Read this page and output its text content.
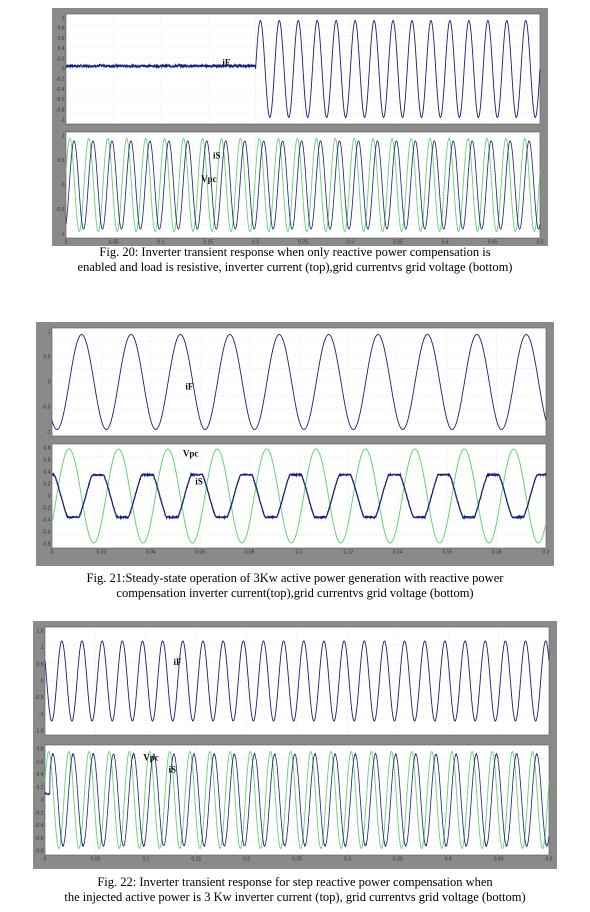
1
0.8
0.6
0.4
0.2
0
-0.2
-0.4
-0.6
-0.8
-1
iF
1
0.5
0
-0.5
-1
iS
Vpc
0	0.05	0.1	0.15	0.2	0.25	0.3	0.35	0.4	0.45	0.5
Fig. 20: Inverter transient response when only reactive power compensation is
enabled and load is resistive, inverter current (top),grid currentvs grid voltage (bottom)
1
0.5
0
-0.5
-1
iF
0.8
0.6
0.4
0.2
0
-0.2
-0.4
-0.6
-0.8
Vpc
iS
0	0.02	0.04	0.06	0.08	0.1	0.12	0.14	0.16	0.18	0.2
Fig. 21:Steady-state operation of 3Kw active power generation with reactive power
compensation inverter current(top),grid currentvs grid voltage (bottom)
1.5
1
0.5
0
-0.5
-1
-1.5
iF
0.8
0.6
0.4
0.2
0
-0.2
-0.4
-0.6
-0.8
Vpc
iS
0	0.05	0.1	0.15	0.2	0.25	0.3	0.35	0.4	0.45	0.5
Fig. 22: Inverter transient response for step reactive power compensation when
the injected active power is 3 Kw inverter current (top), grid currentvs grid voltage (bottom)
